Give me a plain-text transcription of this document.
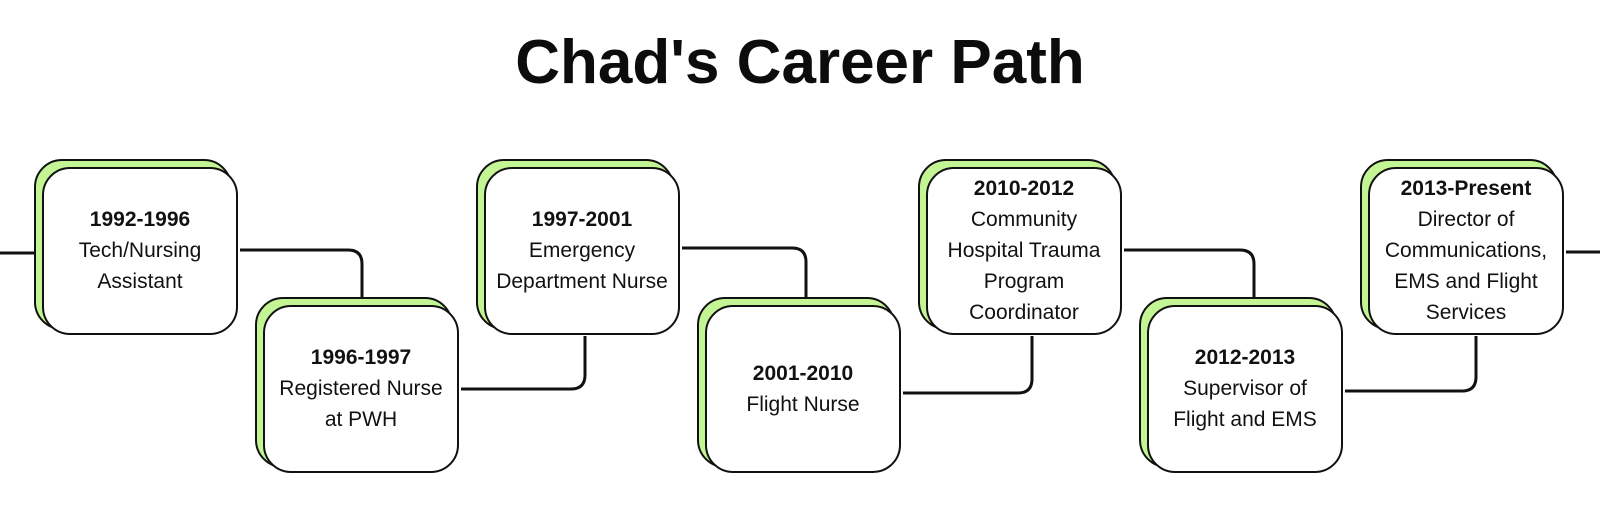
Chad's Career Path
1992-1996
Tech/Nursing Assistant
1996-1997
Registered Nurse at PWH
1997-2001
Emergency Department Nurse
2001-2010
Flight Nurse
2010-2012
Community Hospital Trauma Program Coordinator
2012-2013
Supervisor of Flight and EMS
2013-Present
Director of Communications, EMS and Flight Services
